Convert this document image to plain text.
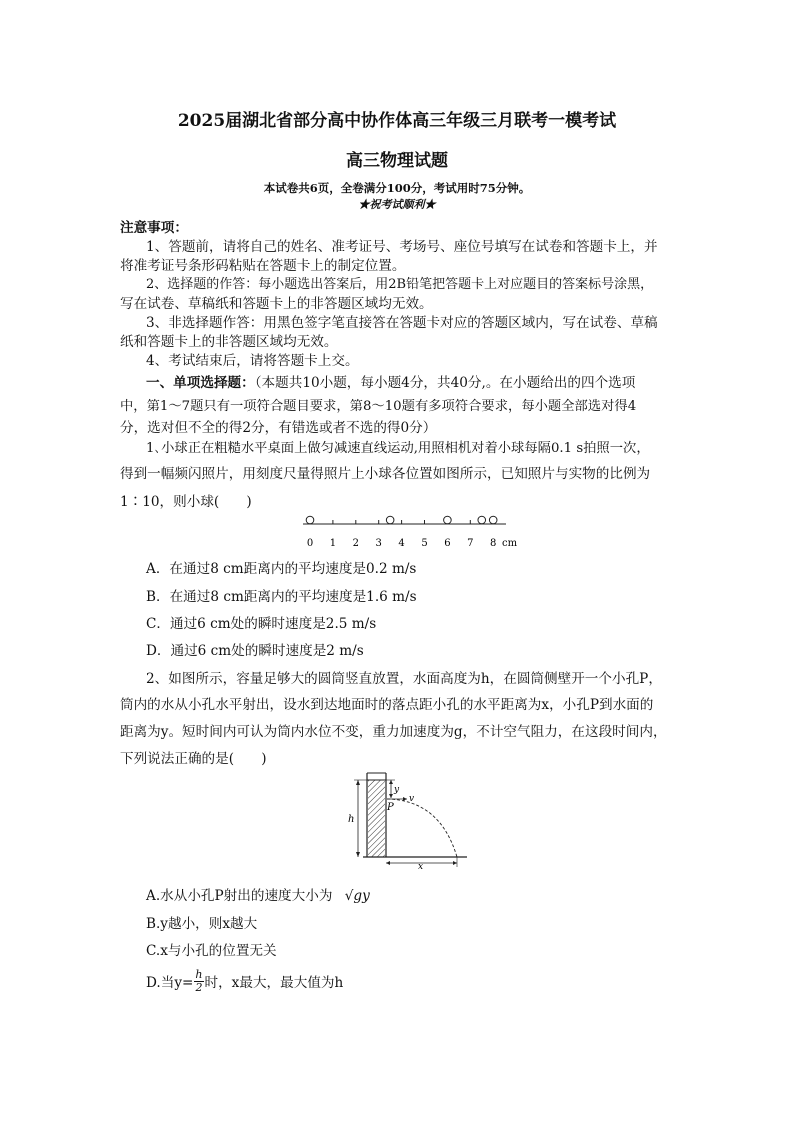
2025届湖北省部分高中协作体高三年级三月联考一模考试
高三物理试题
本试卷共6页，全卷满分100分，考试用时75分钟。
★祝考试顺利★
注意事项：
1、答题前，请将自己的姓名、准考证号、考场号、座位号填写在试卷和答题卡上，并
将准考证号条形码粘贴在答题卡上的制定位置。
2、选择题的作答：每小题选出答案后，用2B铅笔把答题卡上对应题目的答案标号涂黑，
写在试卷、草稿纸和答题卡上的非答题区域均无效。
3、非选择题作答：用黑色签字笔直接答在答题卡对应的答题区域内，写在试卷、草稿
纸和答题卡上的非答题区域均无效。
4、考试结束后，请将答题卡上交。
一、单项选择题：（本题共10小题，每小题4分，共40分,。在小题给出的四个选项
中，第1～7题只有一项符合题目要求，第8～10题有多项符合要求，每小题全部选对得4
分，选对但不全的得2分，有错选或者不选的得0分）
1､小球正在粗糙水平桌面上做匀减速直线运动,用照相机对着小球每隔0.1 s拍照一次，
得到一幅频闪照片，用刻度尺量得照片上小球各位置如图所示，已知照片与实物的比例为
1∶10，则小球(　　)
0 1 2 3 4 5 6 7 8 cm
A．在通过8 cm距离内的平均速度是0.2 m/s
B．在通过8 cm距离内的平均速度是1.6 m/s
C．通过6 cm处的瞬时速度是2.5 m/s
D．通过6 cm处的瞬时速度是2 m/s
2、如图所示，容量足够大的圆筒竖直放置，水面高度为h，在圆筒侧壁开一个小孔P，
筒内的水从小孔水平射出，设水到达地面时的落点距小孔的水平距离为x，小孔P到水面的
距离为y。短时间内可认为筒内水位不变，重力加速度为g，不计空气阻力，在这段时间内，
下列说法正确的是(　　)
h
y
v
P
x
A.水从小孔P射出的速度大小为 √gy
B.y越小，则x越大
C.x与小孔的位置无关
D.当$y= \frac{h}{2}$ 时，x最大，最大值为h
